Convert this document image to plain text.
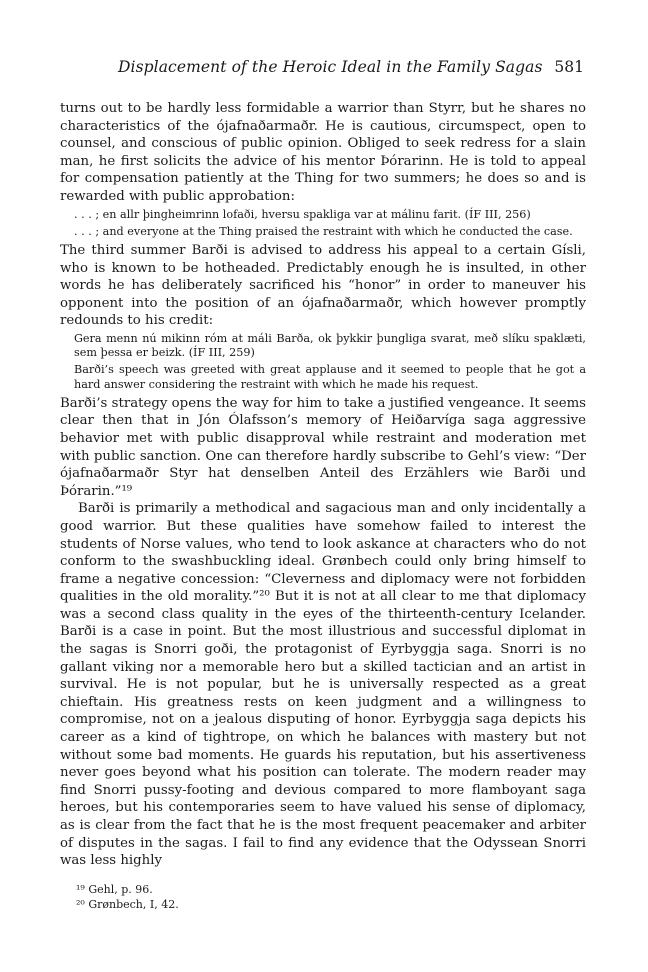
Displacement of the Heroic Ideal in the Family Sagas 581

turns out to be hardly less formidable a warrior than Styrr, but he shares no characteristics of the ójafnaðarmaðr. He is cautious, circumspect, open to counsel, and conscious of public opinion. Obliged to seek redress for a slain man, he first solicits the advice of his mentor Þórarinn. He is told to appeal for compensation patiently at the Thing for two summers; he does so and is rewarded with public approbation:

. . . ; en allr þingheimrinn lofaði, hversu spakliga var at málinu farit. (ÍF III, 256)
. . . ; and everyone at the Thing praised the restraint with which he conducted the case.

The third summer Barði is advised to address his appeal to a certain Gísli, who is known to be hotheaded. Predictably enough he is insulted, in other words he has deliberately sacrificed his “honor” in order to maneuver his opponent into the position of an ójafnaðarmaðr, which however promptly redounds to his credit:

Gera menn nú mikinn róm at máli Barða, ok þykkir þungliga svarat, með slíku spaklæti, sem þessa er beizk. (ÍF III, 259)
Barði’s speech was greeted with great applause and it seemed to people that he got a hard answer considering the restraint with which he made his request.

Barði’s strategy opens the way for him to take a justified vengeance. It seems clear then that in Jón Ólafsson’s memory of Heiðarvíga saga aggressive behavior met with public disapproval while restraint and moderation met with public sanction. One can therefore hardly subscribe to Gehl’s view: “Der ójafnaðarmaðr Styr hat denselben Anteil des Erzählers wie Barði und Þórarin.”¹⁹

Barði is primarily a methodical and sagacious man and only incidentally a good warrior. But these qualities have somehow failed to interest the students of Norse values, who tend to look askance at characters who do not conform to the swashbuckling ideal. Grønbech could only bring himself to frame a negative concession: “Cleverness and diplomacy were not forbidden qualities in the old morality.”²⁰ But it is not at all clear to me that diplomacy was a second class quality in the eyes of the thirteenth-century Icelander. Barði is a case in point. But the most illustrious and successful diplomat in the sagas is Snorri goði, the protagonist of Eyrbyggja saga. Snorri is no gallant viking nor a memorable hero but a skilled tactician and an artist in survival. He is not popular, but he is universally respected as a great chieftain. His greatness rests on keen judgment and a willingness to compromise, not on a jealous disputing of honor. Eyrbyggja saga depicts his career as a kind of tightrope, on which he balances with mastery but not without some bad moments. He guards his reputation, but his assertiveness never goes beyond what his position can tolerate. The modern reader may find Snorri pussy-footing and devious compared to more flamboyant saga heroes, but his contemporaries seem to have valued his sense of diplomacy, as is clear from the fact that he is the most frequent peacemaker and arbiter of disputes in the sagas. I fail to find any evidence that the Odyssean Snorri was less highly

¹⁹ Gehl, p. 96.
²⁰ Grønbech, I, 42.
